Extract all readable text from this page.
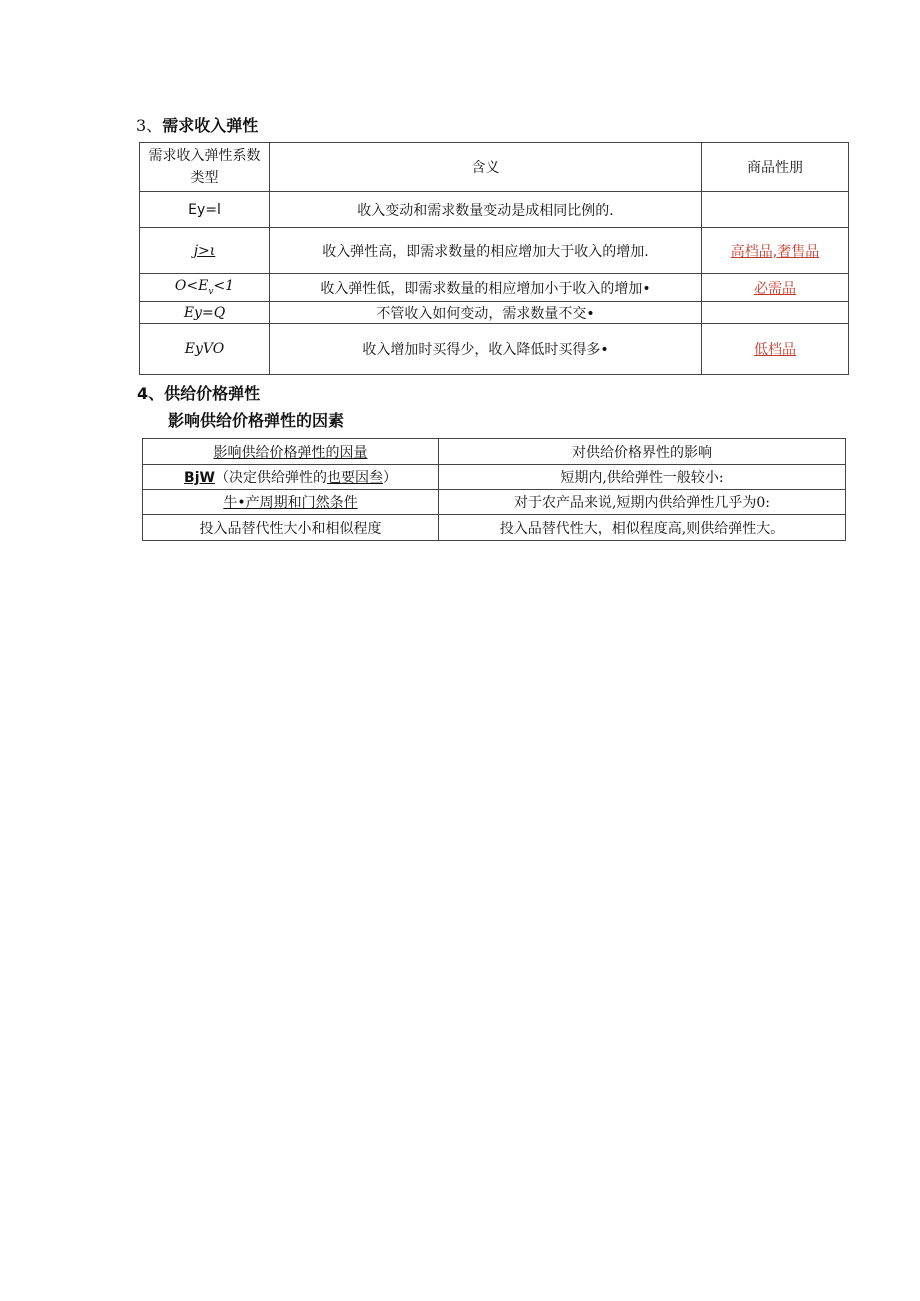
3、需求收入弹性
需求收入弹性系数
类型	含义	商品性朋
Ey=l	收入变动和需求数量变动是成相同比例的.	
j>ι	收入弹性高，即需求数量的相应增加大于收入的增加.	高档品,奢售品
$O<E_v<1$	收入弹性低，即需求数量的相应增加小于收入的增加•	必需品
Ey=Q	不管收入如何变动，需求数量不交•	
EyVO	收入增加时买得少，收入降低时买得多•	低档品
4、供给价格弹性
影响供给价格弹性的因素
影响供给价格弹性的因量	对供给价格界性的影响
BjW（决定供给弹性的也要因叁）	短期内,供给弹性一般较小:
牛•产周期和门然条件	对于农产品来说,短期内供给弹性几乎为0:
投入品替代性大小和相似程度	投入品替代性大，相似程度高,则供给弹性大。
